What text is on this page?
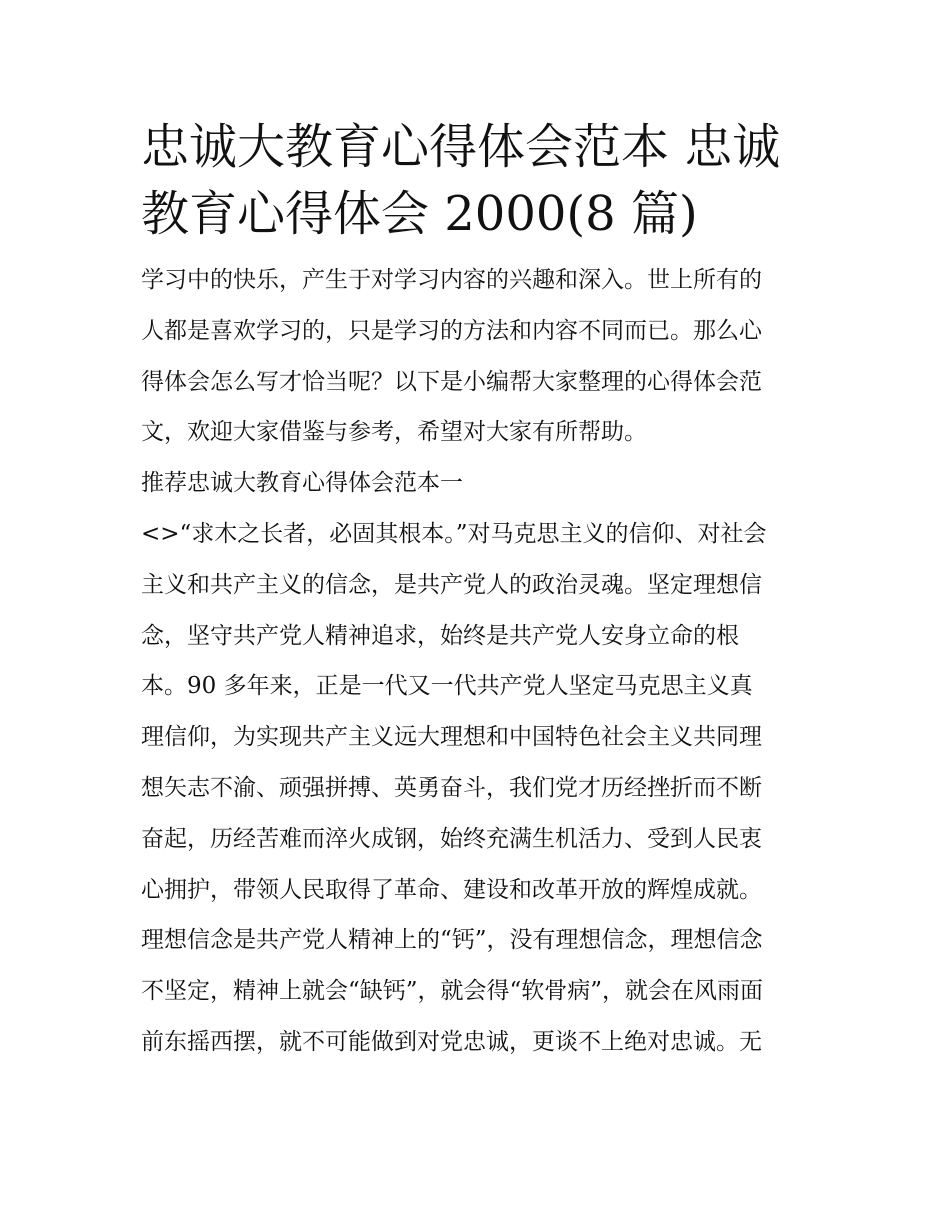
忠诚大教育心得体会范本 忠诚
教育心得体会 2000(8 篇)
学习中的快乐，产生于对学习内容的兴趣和深入。世上所有的
人都是喜欢学习的，只是学习的方法和内容不同而已。那么心
得体会怎么写才恰当呢？以下是小编帮大家整理的心得体会范
文，欢迎大家借鉴与参考，希望对大家有所帮助。
推荐忠诚大教育心得体会范本一
<>“求木之长者，必固其根本。”对马克思主义的信仰、对社会
主义和共产主义的信念，是共产党人的政治灵魂。坚定理想信
念，坚守共产党人精神追求，始终是共产党人安身立命的根
本。90 多年来，正是一代又一代共产党人坚定马克思主义真
理信仰，为实现共产主义远大理想和中国特色社会主义共同理
想矢志不渝、顽强拼搏、英勇奋斗，我们党才历经挫折而不断
奋起，历经苦难而淬火成钢，始终充满生机活力、受到人民衷
心拥护，带领人民取得了革命、建设和改革开放的辉煌成就。
理想信念是共产党人精神上的“钙”，没有理想信念，理想信念
不坚定，精神上就会“缺钙”，就会得“软骨病”，就会在风雨面
前东摇西摆，就不可能做到对党忠诚，更谈不上绝对忠诚。无
